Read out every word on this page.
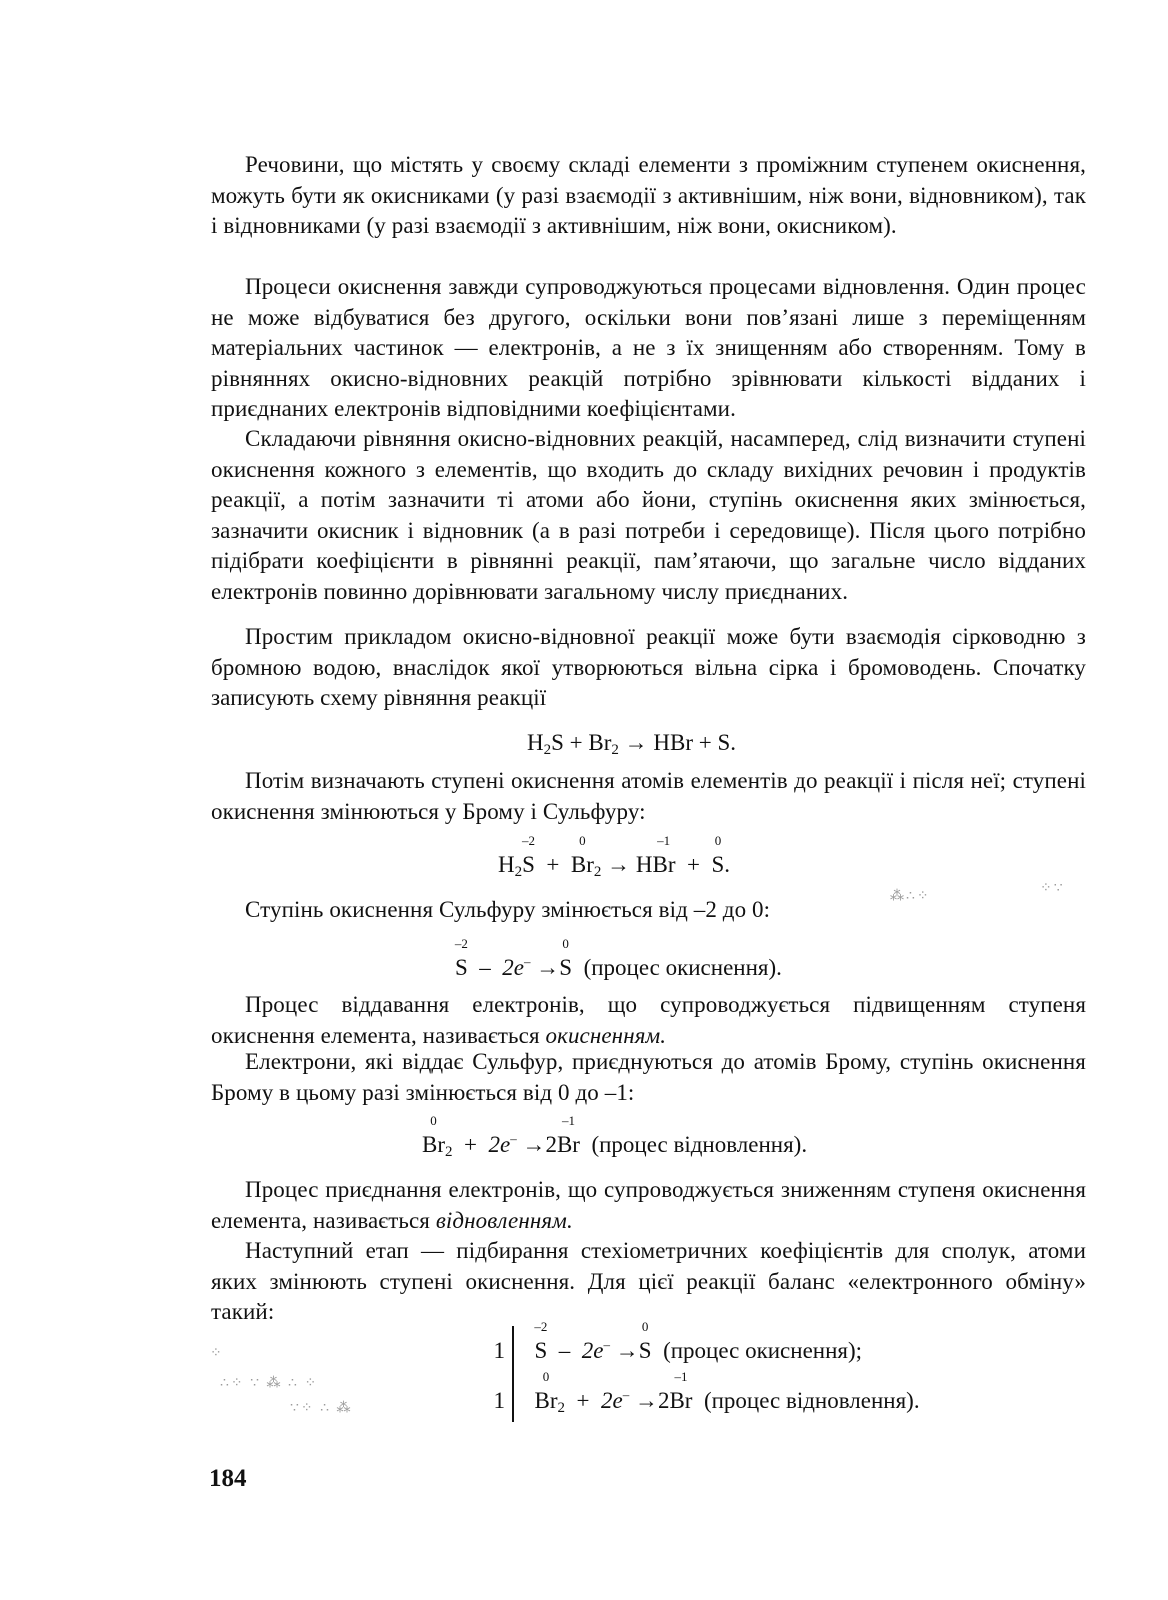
Речовини, що містять у своєму складі елементи з проміжним ступенем окиснення, можуть бути як окисниками (у разі взаємодії з активнішим, ніж вони, відновником), так і відновниками (у разі взаємодії з активнішим, ніж вони, окисником).

Процеси окиснення завжди супроводжуються процесами відновлення. Один процес не може відбуватися без другого, оскільки вони пов’язані лише з переміщенням матеріальних частинок — електронів, а не з їх знищенням або створенням. Тому в рівняннях окисно-відновних реакцій потрібно зрівнювати кількості відданих і приєднаних електронів відповідними коефіцієнтами.

Складаючи рівняння окисно-відновних реакцій, насамперед, слід визначити ступені окиснення кожного з елементів, що входить до складу вихідних речовин і продуктів реакції, а потім зазначити ті атоми або йони, ступінь окиснення яких змінюється, зазначити окисник і відновник (а в разі потреби і середовище). Після цього потрібно підібрати коефіцієнти в рівнянні реакції, пам’ятаючи, що загальне число відданих електронів повинно дорівнювати загальному числу приєднаних.

Простим прикладом окисно-відновної реакції може бути взаємодія сірководню з бромною водою, внаслідок якої утворюються вільна сірка і бромоводень. Спочатку записують схему рівняння реакції

$H_2S + Br_2$ → HBr + S.

Потім визначають ступені окиснення атомів елементів до реакції і після неї; ступені окиснення змінюються у Брому і Сульфуру:

$H_2$
–2
S +
0
$Br_2$ →
–1
HBr +
0
S.

Ступінь окиснення Сульфуру змінюється від –2 до 0:

–2
S – 2e– →
0
S (процес окиснення).

Процес віддавання електронів, що супроводжується підвищенням ступеня окиснення елемента, називається окисненням.

Електрони, які віддає Сульфур, приєднуються до атомів Брому, ступінь окиснення Брому в цьому разі змінюється від 0 до –1:

0
$Br_2 + 2e^- \to 2$
–1
Br (процес відновлення).

Процес приєднання електронів, що супроводжується зниженням ступеня окиснення елемента, називається відновленням.

Наступний етап — підбирання стехіометричних коефіцієнтів для сполук, атоми яких змінюють ступені окиснення. Для цієї реакції баланс «електронного обміну» такий:

1
–2
S – 2e– →
0
S (процес окиснення);
1
0
$Br_2 + 2e^- \to 2$
–1
Br (процес відновлення).
⁂∴⁘
⁘∵
⁘
∴⁘ ∵ ⁂ ∴ ⁘
∵⁘ ∴ ⁂
184
